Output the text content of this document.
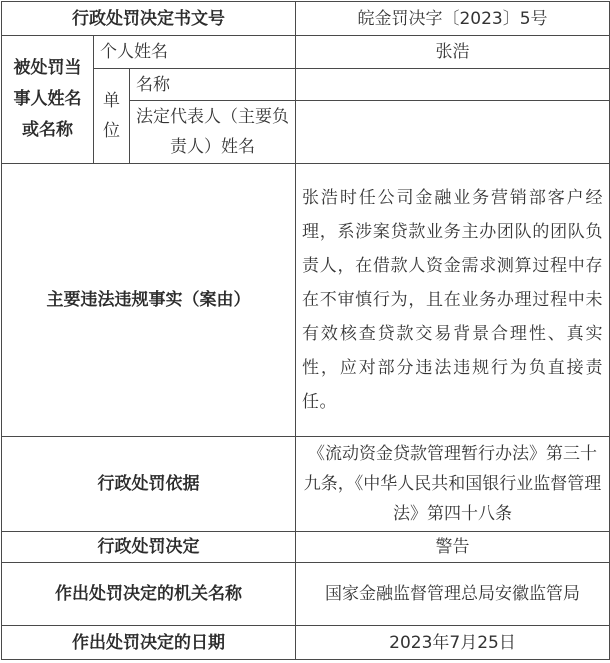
行政处罚决定书文号			皖金罚决字〔2023〕5号
被处罚当事人姓名或名称	个人姓名		张浩
	单位	名称	
		法定代表人（主要负责人）姓名	
主要违法违规事实（案由）			张浩时任公司金融业务营销部客户经理，系涉案贷款业务主办团队的团队负责人，在借款人资金需求测算过程中存在不审慎行为，且在业务办理过程中未有效核查贷款交易背景合理性、真实性，应对部分违法违规行为负直接责任。
行政处罚依据			《流动资金贷款管理暂行办法》第三十九条，《中华人民共和国银行业监督管理法》第四十八条
行政处罚决定			警告
作出处罚决定的机关名称			国家金融监督管理总局安徽监管局
作出处罚决定的日期			2023年7月25日
